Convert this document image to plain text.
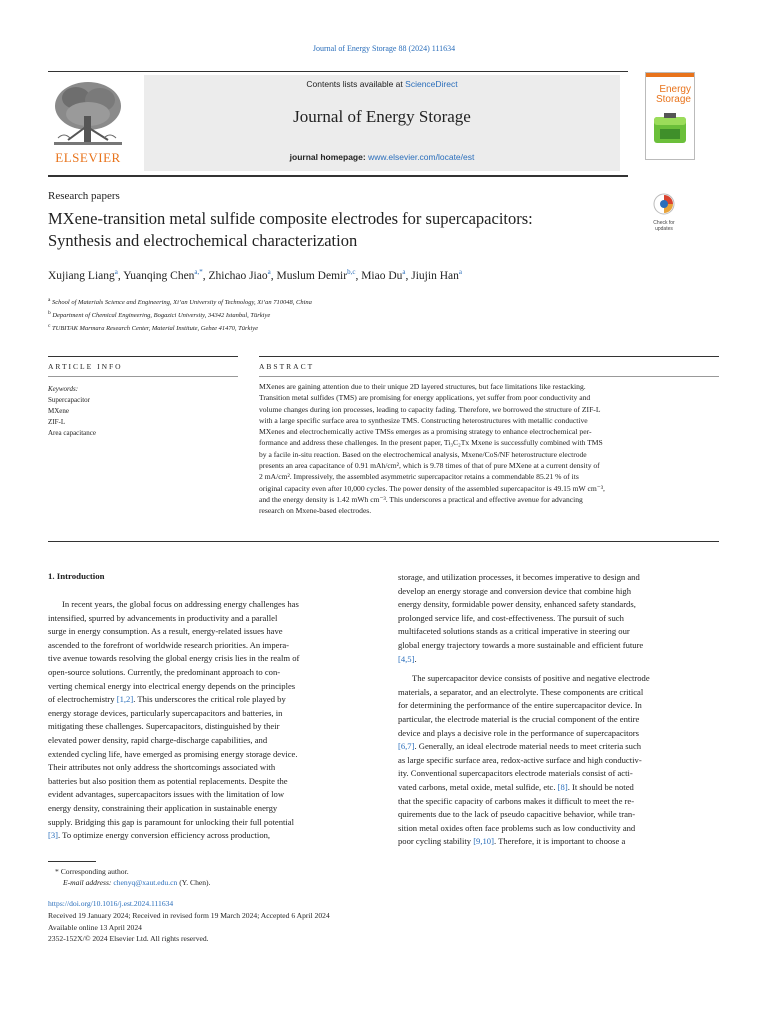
Journal of Energy Storage 88 (2024) 111634
ELSEVIER
Contents lists available at ScienceDirect
Journal of Energy Storage
journal homepage: www.elsevier.com/locate/est
Energy
Storage
Research papers
MXene-transition metal sulfide composite electrodes for supercapacitors:
Synthesis and electrochemical characterization
Check for updates
Xujiang Liang$^a$, Yuanqing Chen$^{a,*}$, Zhichao Jiao$^a$, Muslum Demir$^{b,c}$, Miao Du$^a$, Jiujin Han$^a$
$^a$ School of Materials Science and Engineering, Xi’an University of Technology, Xi’an 710048, China
$^b$ Department of Chemical Engineering, Bogazici University, 34342 Istanbul, Türkiye
$^c$ TUBITAK Marmara Research Center, Material Institute, Gebze 41470, Türkiye
ARTICLE INFO	ABSTRACT
Keywords:
Supercapacitor
MXene
ZIF-L
Area capacitance
MXenes are gaining attention due to their unique 2D layered structures, but face limitations like restacking.
Transition metal sulfides (TMS) are promising for energy applications, yet suffer from poor conductivity and
volume changes during ion processes, leading to capacity fading. Therefore, we borrowed the structure of ZIF-L
with a large specific surface area to synthesize TMS. Constructing heterostructures with metallic conductive
MXenes and electrochemically active TMSs emerges as a promising strategy to enhance electrochemical per-
formance and address these challenges. In the present paper, Ti₃C₂Tx Mxene is successfully combined with TMS
by a facile in-situ reaction. Based on the electrochemical analysis, Mxene/CoS/NF heterostructure electrode
presents an area capacitance of 0.91 mAh/cm², which is 9.78 times of that of pure MXene at a current density of
2 mA/cm². Impressively, the assembled asymmetric supercapacitor retains a commendable 85.21 % of its
original capacity even after 10,000 cycles. The power density of the assembled supercapacitor is 49.15 mW cm⁻³,
and the energy density is 1.42 mWh cm⁻³. This underscores a practical and effective avenue for advancing
research on Mxene-based electrodes.
1. Introduction
In recent years, the global focus on addressing energy challenges has
intensified, spurred by advancements in productivity and a parallel
surge in energy consumption. As a result, energy-related issues have
ascended to the forefront of worldwide research priorities. An impera-
tive avenue towards resolving the global energy crisis lies in the realm of
open-source solutions. Currently, the predominant approach to con-
verting chemical energy into electrical energy depends on the principles
of electrochemistry [1,2]. This underscores the critical role played by
energy storage devices, particularly supercapacitors and batteries, in
mitigating these challenges. Supercapacitors, distinguished by their
elevated power density, rapid charge-discharge capabilities, and
extended cycling life, have emerged as promising energy storage device.
Their attributes not only address the shortcomings associated with
batteries but also position them as potential replacements. Despite the
evident advantages, supercapacitors issues with the limitation of low
energy density, constraining their application in sustainable energy
supply. Bridging this gap is paramount for unlocking their full potential
[3]. To optimize energy conversion efficiency across production,
storage, and utilization processes, it becomes imperative to design and
develop an energy storage and conversion device that combine high
energy density, formidable power density, enhanced safety standards,
prolonged service life, and cost-effectiveness. The pursuit of such
multifaceted solutions stands as a critical imperative in steering our
global energy trajectory towards a more sustainable and efficient future
[4,5].
The supercapacitor device consists of positive and negative electrode
materials, a separator, and an electrolyte. These components are critical
for determining the performance of the entire supercapacitor device. In
particular, the electrode material is the crucial component of the entire
device and plays a decisive role in the performance of supercapacitors
[6,7]. Generally, an ideal electrode material needs to meet criteria such
as large specific surface area, redox-active surface and high conductiv-
ity. Conventional supercapacitors electrode materials consist of acti-
vated carbons, metal oxide, metal sulfide, etc. [8]. It should be noted
that the specific capacity of carbons makes it difficult to meet the re-
quirements due to the lack of pseudo capacitive behavior, while tran-
sition metal oxides often face problems such as low conductivity and
poor cycling stability [9,10]. Therefore, it is important to choose a
* Corresponding author.
E-mail address: chenyq@xaut.edu.cn (Y. Chen).
https://doi.org/10.1016/j.est.2024.111634
Received 19 January 2024; Received in revised form 19 March 2024; Accepted 6 April 2024
Available online 13 April 2024
2352-152X/© 2024 Elsevier Ltd. All rights reserved.
